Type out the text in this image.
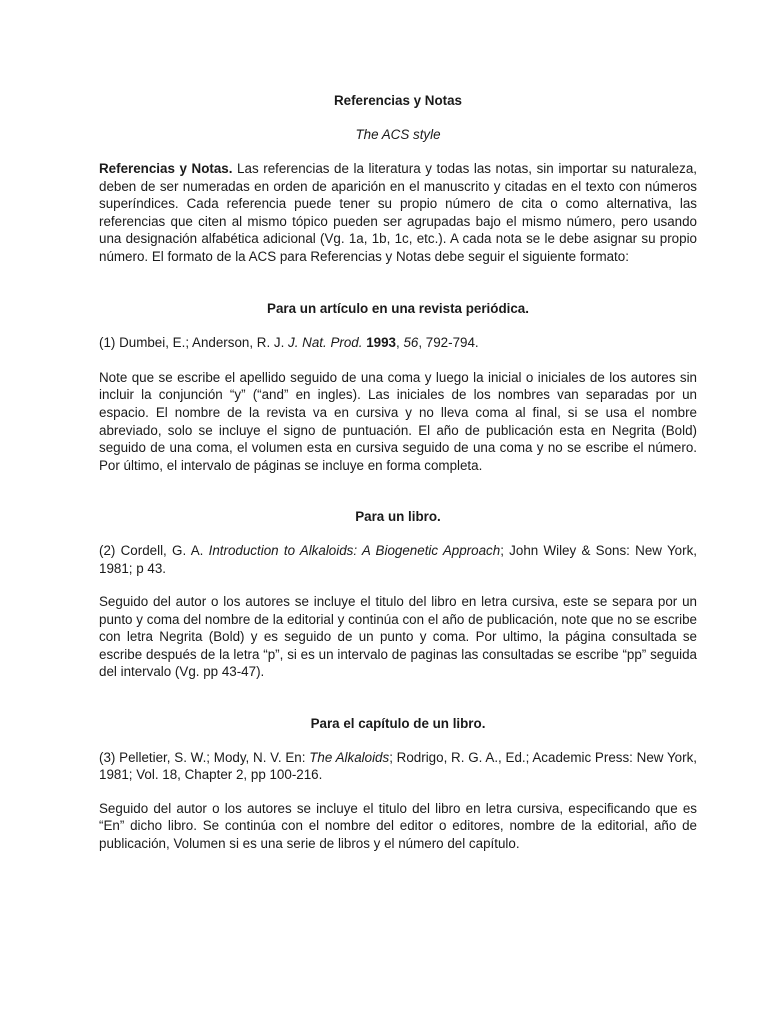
Referencias y Notas
The ACS style

Referencias y Notas. Las referencias de la literatura y todas las notas, sin importar su naturaleza, deben de ser numeradas en orden de aparición en el manuscrito y citadas en el texto con números superíndices. Cada referencia puede tener su propio número de cita o como alternativa, las referencias que citen al mismo tópico pueden ser agrupadas bajo el mismo número, pero usando una designación alfabética adicional (Vg. 1a, 1b, 1c, etc.). A cada nota se le debe asignar su propio número. El formato de la ACS para Referencias y Notas debe seguir el siguiente formato:

Para un artículo en una revista periódica.

(1) Dumbei, E.; Anderson, R. J. J. Nat. Prod. 1993, 56, 792-794.

Note que se escribe el apellido seguido de una coma y luego la inicial o iniciales de los autores sin incluir la conjunción “y” (“and” en ingles). Las iniciales de los nombres van separadas por un espacio. El nombre de la revista va en cursiva y no lleva coma al final, si se usa el nombre abreviado, solo se incluye el signo de puntuación. El año de publicación esta en Negrita (Bold) seguido de una coma, el volumen esta en cursiva seguido de una coma y no se escribe el número. Por último, el intervalo de páginas se incluye en forma completa.

Para un libro.

(2) Cordell, G. A. Introduction to Alkaloids: A Biogenetic Approach; John Wiley & Sons: New York, 1981; p 43.

Seguido del autor o los autores se incluye el titulo del libro en letra cursiva, este se separa por un punto y coma del nombre de la editorial y continúa con el año de publicación, note que no se escribe con letra Negrita (Bold) y es seguido de un punto y coma. Por ultimo, la página consultada se escribe después de la letra “p”, si es un intervalo de paginas las consultadas se escribe “pp” seguida del intervalo (Vg. pp 43-47).

Para el capítulo de un libro.

(3) Pelletier, S. W.; Mody, N. V. En: The Alkaloids; Rodrigo, R. G. A., Ed.; Academic Press: New York, 1981; Vol. 18, Chapter 2, pp 100-216.

Seguido del autor o los autores se incluye el titulo del libro en letra cursiva, especificando que es “En” dicho libro. Se continúa con el nombre del editor o editores, nombre de la editorial, año de publicación, Volumen si es una serie de libros y el número del capítulo.
